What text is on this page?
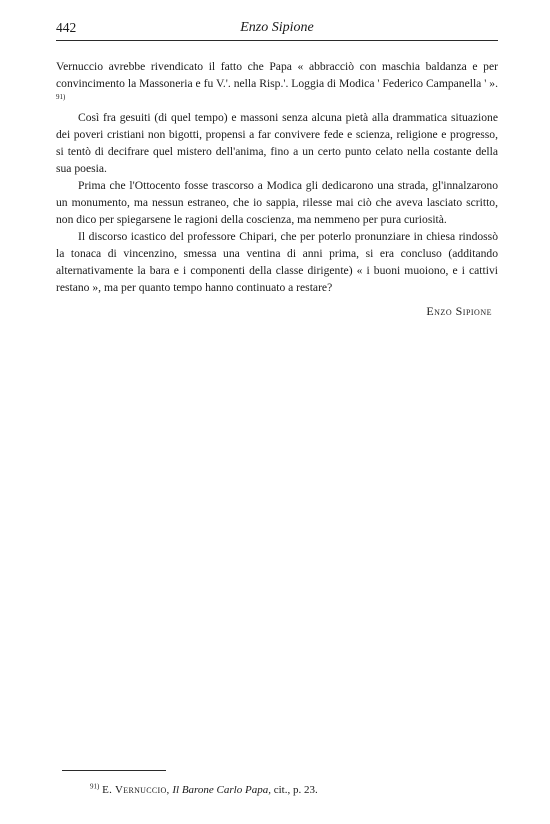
442	Enzo Sipione

Vernuccio avrebbe rivendicato il fatto che Papa « abbracciò con maschia baldanza e per convincimento la Massoneria e fu V.'. nella Risp.'. Loggia di Modica ' Federico Campanella ' ». $^{91)}$

Così fra gesuiti (di quel tempo) e massoni senza alcuna pietà alla drammatica situazione dei poveri cristiani non bigotti, propensi a far convivere fede e scienza, religione e progresso, si tentò di decifrare quel mistero dell'anima, fino a un certo punto celato nella costante della sua poesia.

Prima che l'Ottocento fosse trascorso a Modica gli dedicarono una strada, gl'innalzarono un monumento, ma nessun estraneo, che io sappia, rilesse mai ciò che aveva lasciato scritto, non dico per spiegarsene le ragioni della coscienza, ma nemmeno per pura curiosità.

Il discorso icastico del professore Chipari, che per poterlo pronunziare in chiesa rindossò la tonaca di vincenzino, smessa una ventina di anni prima, si era concluso (additando alternativamente la bara e i componenti della classe dirigente) « i buoni muoiono, e i cattivi restano », ma per quanto tempo hanno continuato a restare?

Enzo Sipione
$^{91)}$ E. Vernuccio, Il Barone Carlo Papa, cit., p. 23.
